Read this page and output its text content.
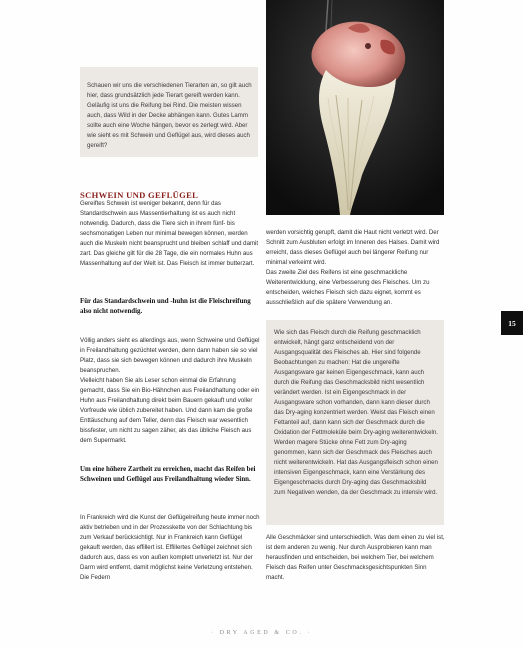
Schauen wir uns die verschiedenen Tierarten an, so gilt auch hier, dass grundsätzlich jede Tierart gereift werden kann. Geläufig ist uns die Reifung bei Rind. Die meisten wissen auch, dass Wild in der Decke abhängen kann. Gutes Lamm sollte auch eine Woche hängen, bevor es zerlegt wird. Aber wie sieht es mit Schwein und Geflügel aus, wird dieses auch gereift?

SCHWEIN UND GEFLÜGEL

Gereiftes Schwein ist weniger bekannt, denn für das Standardschwein aus Massentierhaltung ist es auch nicht notwendig. Dadurch, dass die Tiere sich in ihrem fünf- bis sechsmonatigen Leben nur minimal bewegen können, werden auch die Muskeln nicht beansprucht und bleiben schlaff und damit zart. Das gleiche gilt für die 28 Tage, die ein normales Huhn aus Massenhaltung auf der Welt ist. Das Fleisch ist immer butterzart.

Für das Standardschwein und -huhn ist die Fleischreifung also nicht notwendig.

Völlig anders sieht es allerdings aus, wenn Schweine und Geflügel in Freilandhaltung gezüchtet werden, denn dann haben sie so viel Platz, dass sie sich bewegen können und dadurch ihre Muskeln beanspruchen.

Vielleicht haben Sie als Leser schon einmal die Erfahrung gemacht, dass Sie ein Bio-Hähnchen aus Freilandhaltung oder ein Huhn aus Freilandhaltung direkt beim Bauern gekauft und voller Vorfreude wie üblich zubereitet haben. Und dann kam die große Enttäuschung auf dem Teller, denn das Fleisch war wesentlich bissfester, um nicht zu sagen zäher, als das übliche Fleisch aus dem Supermarkt.

Um eine höhere Zartheit zu erreichen, macht das Reifen bei Schweinen und Geflügel aus Freilandhaltung wieder Sinn.

In Frankreich wird die Kunst der Geflügelreifung heute immer noch aktiv betrieben und in der Prozesskette von der Schlachtung bis zum Verkauf berücksichtigt. Nur in Frankreich kann Geflügel gekauft werden, das effillert ist. Effillertes Geflügel zeichnet sich dadurch aus, dass es von außen komplett unverletzt ist. Nur der Darm wird entfernt, damit möglichst keine Verletzung entstehen. Die Federn

werden vorsichtig gerupft, damit die Haut nicht verletzt wird. Der Schnitt zum Ausbluten erfolgt im Inneren des Halses. Damit wird erreicht, dass dieses Geflügel auch bei längerer Reifung nur minimal verkeimt wird.

Das zweite Ziel des Reifens ist eine geschmackliche Weiterentwicklung, eine Verbesserung des Fleisches. Um zu entscheiden, welches Fleisch sich dazu eignet, kommt es ausschließlich auf die spätere Verwendung an.

Wie sich das Fleisch durch die Reifung geschmacklich entwickelt, hängt ganz entscheidend von der Ausgangsqualität des Fleisches ab. Hier sind folgende Beobachtungen zu machen: Hat die ungereifte Ausgangsware gar keinen Eigengeschmack, kann auch durch die Reifung das Geschmacksbild nicht wesentlich verändert werden. Ist ein Eigengeschmack in der Ausgangsware schon vorhanden, dann kann dieser durch das Dry-aging konzentriert werden. Weist das Fleisch einen Fettanteil auf, dann kann sich der Geschmack durch die Oxidation der Fettmoleküle beim Dry-aging weiterentwickeln. Werden magere Stücke ohne Fett zum Dry-aging genommen, kann sich der Geschmack des Fleisches auch nicht weiterentwickeln. Hat das Ausgangsfleisch schon einen intensiven Eigengeschmack, kann eine Verstärkung des Eigengeschmacks durch Dry-aging das Geschmacksbild zum Negativen wenden, da der Geschmack zu intensiv wird.

Alle Geschmäcker sind unterschiedlich. Was dem einen zu viel ist, ist dem anderen zu wenig. Nur durch Ausprobieren kann man herausfinden und entscheiden, bei welchem Tier, bei welchem Fleisch das Reifen unter Geschmacksgesichtspunkten Sinn macht.

15
· DRY AGED & CO. ·
